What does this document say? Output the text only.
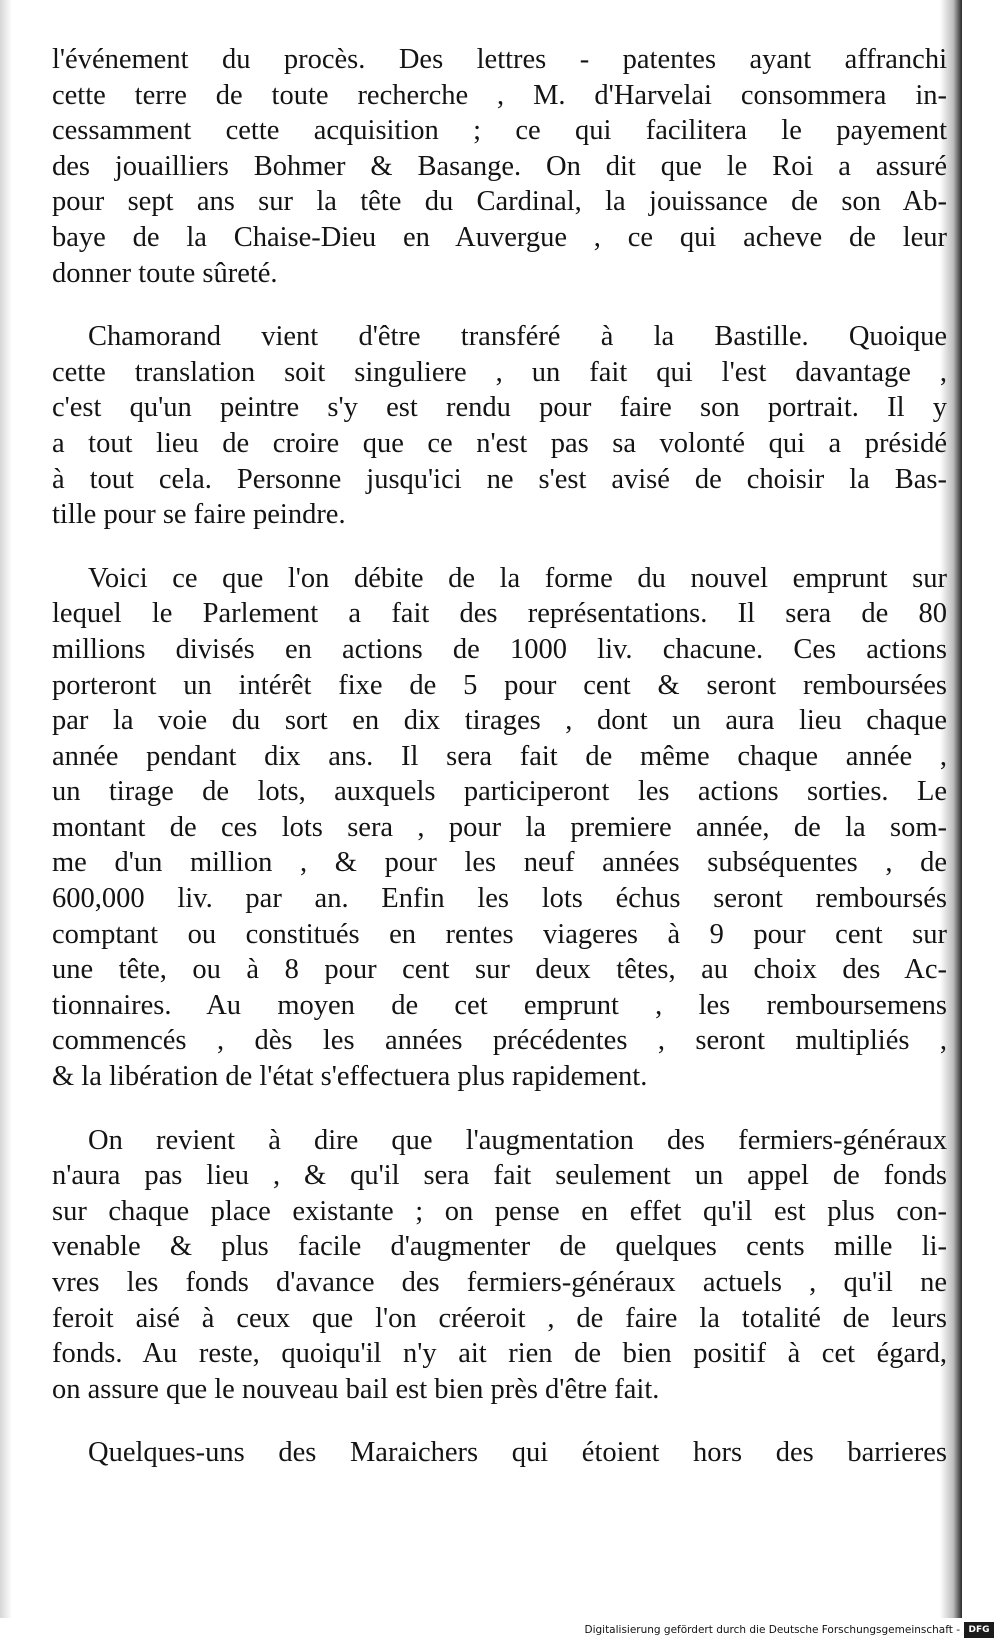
l'événement du procès. Des lettres - patentes ayant affranchi
cette terre de toute recherche , M. d'Harvelai consommera in-
cessamment cette acquisition ; ce qui facilitera le payement
des jouailliers Bohmer & Basange. On dit que le Roi a assuré
pour sept ans sur la tête du Cardinal, la jouissance de son Ab-
baye de la Chaise-Dieu en Auvergue , ce qui acheve de leur
donner toute sûreté.
Chamorand vient d'être transféré à la Bastille. Quoique
cette translation soit singuliere , un fait qui l'est davantage ,
c'est qu'un peintre s'y est rendu pour faire son portrait. Il y
a tout lieu de croire que ce n'est pas sa volonté qui a présidé
à tout cela. Personne jusqu'ici ne s'est avisé de choisir la Bas-
tille pour se faire peindre.
Voici ce que l'on débite de la forme du nouvel emprunt sur
lequel le Parlement a fait des représentations. Il sera de 80
millions divisés en actions de 1000 liv. chacune. Ces actions
porteront un intérêt fixe de 5 pour cent & seront remboursées
par la voie du sort en dix tirages , dont un aura lieu chaque
année pendant dix ans. Il sera fait de même chaque année ,
un tirage de lots, auxquels participeront les actions sorties. Le
montant de ces lots sera , pour la premiere année, de la som-
me d'un million , & pour les neuf années subséquentes , de
600,000 liv. par an. Enfin les lots échus seront remboursés
comptant ou constitués en rentes viageres à 9 pour cent sur
une tête, ou à 8 pour cent sur deux têtes, au choix des Ac-
tionnaires. Au moyen de cet emprunt , les remboursemens
commencés , dès les années précédentes , seront multipliés ,
& la libération de l'état s'effectuera plus rapidement.
On revient à dire que l'augmentation des fermiers-généraux
n'aura pas lieu , & qu'il sera fait seulement un appel de fonds
sur chaque place existante ; on pense en effet qu'il est plus con-
venable & plus facile d'augmenter de quelques cents mille li-
vres les fonds d'avance des fermiers-généraux actuels , qu'il ne
feroit aisé à ceux que l'on créeroit , de faire la totalité de leurs
fonds. Au reste, quoiqu'il n'y ait rien de bien positif à cet égard,
on assure que le nouveau bail est bien près d'être fait.
Quelques-uns des Maraichers qui étoient hors des barrieres
Digitalisierung gefördert durch die Deutsche Forschungsgemeinschaft - DFG
